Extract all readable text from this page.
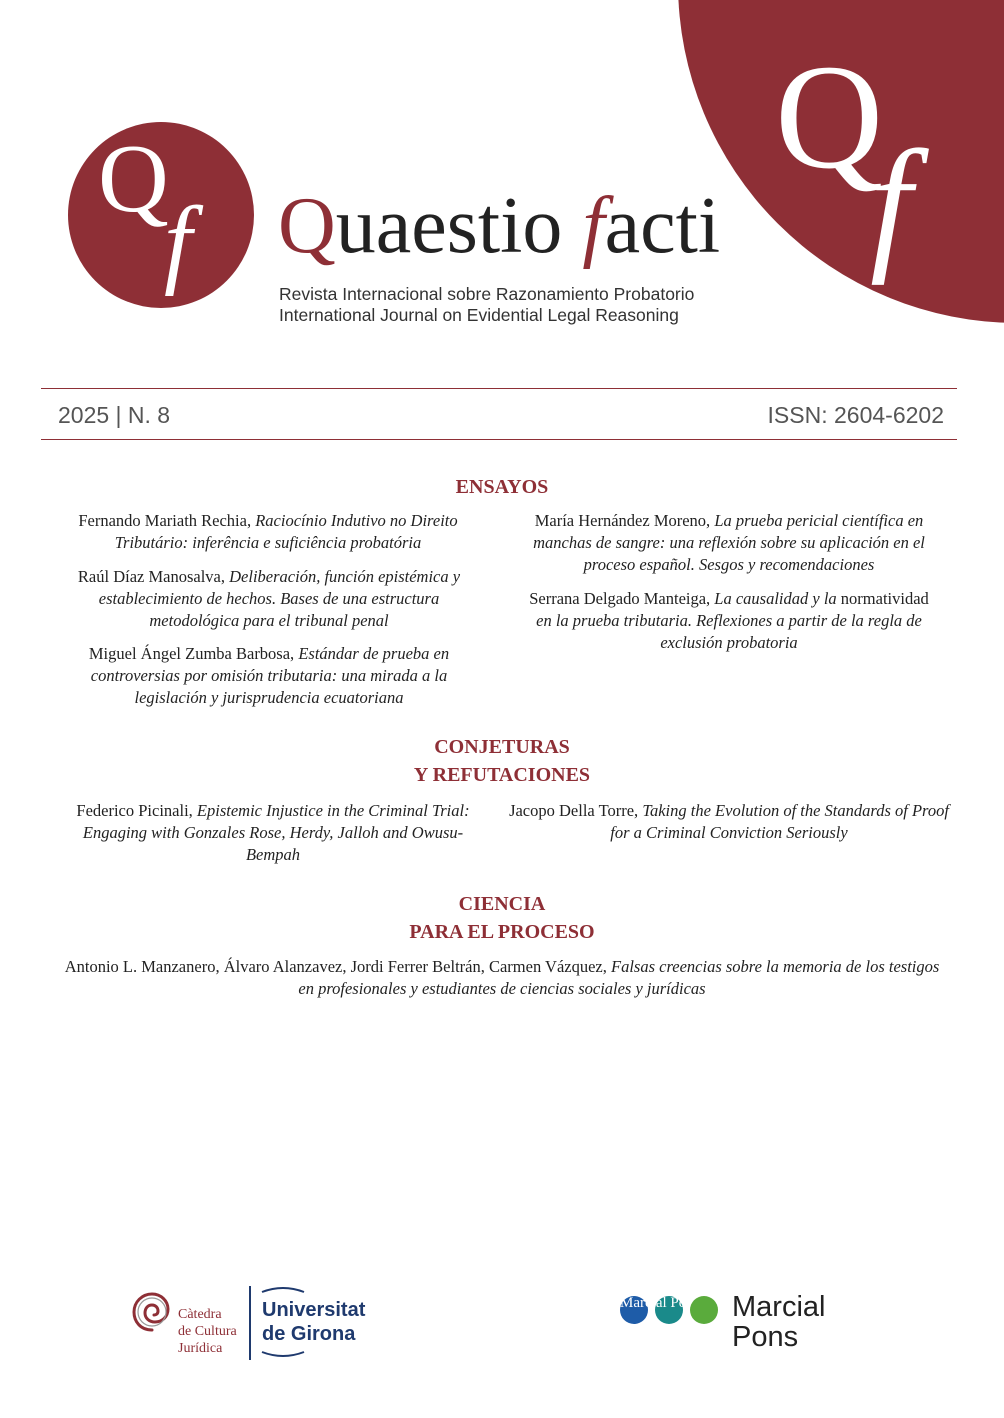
Q
f
Q
f Quaestio facti
Revista Internacional sobre Razonamiento Probatorio
International Journal on Evidential Legal Reasoning
2025 | N. 8	ISSN: 2604-6202
ENSAYOS
Fernando Mariath Rechia, Raciocínio Indutivo no Direito Tributário: inferência e suficiência probatória
Raúl Díaz Manosalva, Deliberación, función epistémica y establecimiento de hechos. Bases de una estructura metodológica para el tribunal penal
Miguel Ángel Zumba Barbosa, Estándar de prueba en controversias por omisión tributaria: una mirada a la legislación y jurisprudencia ecuatoriana
María Hernández Moreno, La prueba pericial científica en manchas de sangre: una reflexión sobre su aplicación en el proceso español. Sesgos y recomendaciones
Serrana Delgado Manteiga, La causalidad y la normatividad
en la prueba tributaria. Reflexiones a partir de la regla de exclusión probatoria
CONJETURAS
Y REFUTACIONES
Federico Picinali, Epistemic Injustice in the Criminal Trial: Engaging with Gonzales Rose, Herdy, Jalloh and Owusu-Bempah
Jacopo Della Torre, Taking the Evolution of the Standards of Proof for a Criminal Conviction Seriously
CIENCIA
PARA EL PROCESO
Antonio L. Manzanero, Álvaro Alanzavez, Jordi Ferrer Beltrán, Carmen Vázquez, Falsas creencias sobre la memoria de los testigos en profesionales y estudiantes de ciencias sociales y jurídicas
Càtedra
de Cultura
Jurídica
Universitat
de Girona
Marcial Po Marcial
Pons
